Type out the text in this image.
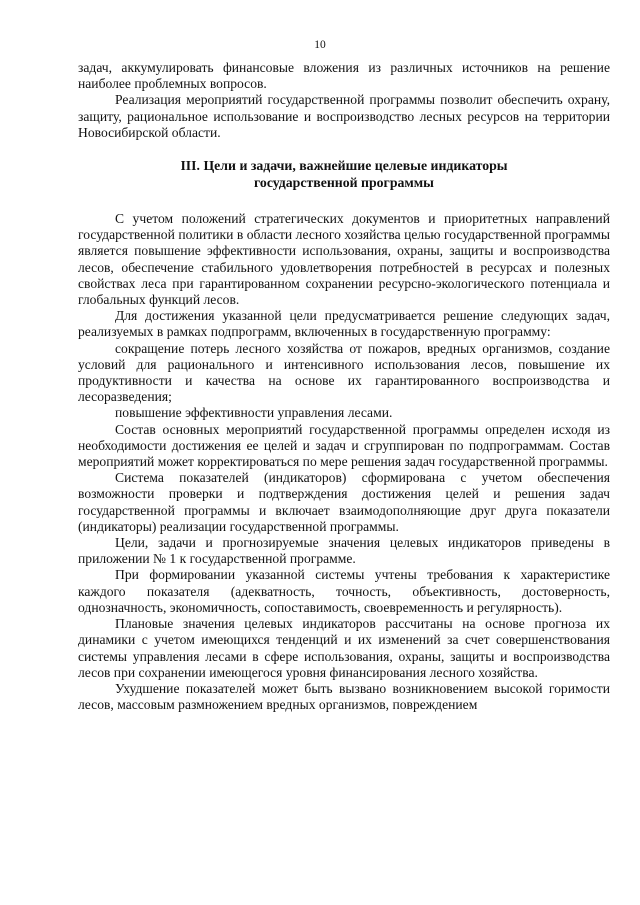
10

задач, аккумулировать финансовые вложения из различных источников на решение наиболее проблемных вопросов.

Реализация мероприятий государственной программы позволит обеспечить охрану, защиту, рациональное использование и воспроизводство лесных ресурсов на территории Новосибирской области.

III. Цели и задачи, важнейшие целевые индикаторы
государственной программы

С учетом положений стратегических документов и приоритетных направлений государственной политики в области лесного хозяйства целью государственной программы является повышение эффективности использования, охраны, защиты и воспроизводства лесов, обеспечение стабильного удовлетворения потребностей в ресурсах и полезных свойствах леса при гарантированном сохранении ресурсно-экологического потенциала и глобальных функций лесов.

Для достижения указанной цели предусматривается решение следующих задач, реализуемых в рамках подпрограмм, включенных в государственную программу:

сокращение потерь лесного хозяйства от пожаров, вредных организмов, создание условий для рационального и интенсивного использования лесов, повышение их продуктивности и качества на основе их гарантированного воспроизводства и лесоразведения;

повышение эффективности управления лесами.

Состав основных мероприятий государственной программы определен исходя из необходимости достижения ее целей и задач и сгруппирован по подпрограммам. Состав мероприятий может корректироваться по мере решения задач государственной программы.

Система показателей (индикаторов) сформирована с учетом обеспечения возможности проверки и подтверждения достижения целей и решения задач государственной программы и включает взаимодополняющие друг друга показатели (индикаторы) реализации государственной программы.

Цели, задачи и прогнозируемые значения целевых индикаторов приведены в приложении № 1 к государственной программе.

При формировании указанной системы учтены требования к характеристике каждого показателя (адекватность, точность, объективность, достоверность, однозначность, экономичность, сопоставимость, своевременность и регулярность).

Плановые значения целевых индикаторов рассчитаны на основе прогноза их динамики с учетом имеющихся тенденций и их изменений за счет совершенствования системы управления лесами в сфере использования, охраны, защиты и воспроизводства лесов при сохранении имеющегося уровня финансирования лесного хозяйства.

Ухудшение показателей может быть вызвано возникновением высокой горимости лесов, массовым размножением вредных организмов, повреждением
